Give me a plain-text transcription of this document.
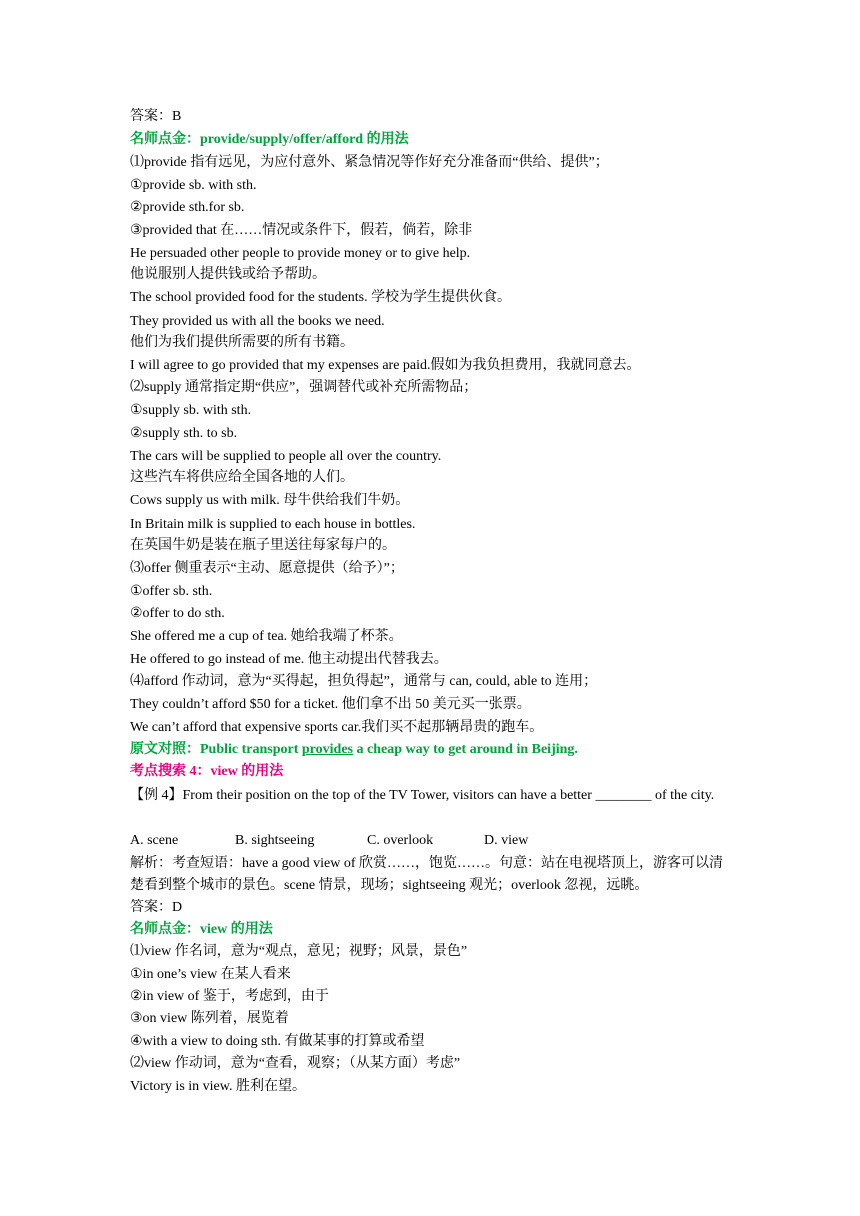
答案：B
名师点金：provide/supply/offer/afford 的用法
⑴provide 指有远见，为应付意外、紧急情况等作好充分准备而“供给、提供”；
①provide sb. with sth.
②provide sth.for sb.
③provided that 在……情况或条件下，假若，倘若，除非
He persuaded other people to provide money or to give help.
他说服别人提供钱或给予帮助。
The school provided food for the students. 学校为学生提供伙食。
They provided us with all the books we need.
他们为我们提供所需要的所有书籍。
I will agree to go provided that my expenses are paid.假如为我负担费用，我就同意去。
⑵supply 通常指定期“供应”，强调替代或补充所需物品；
①supply sb. with sth.
②supply sth. to sb.
The cars will be supplied to people all over the country.
这些汽车将供应给全国各地的人们。
Cows supply us with milk. 母牛供给我们牛奶。
In Britain milk is supplied to each house in bottles.
在英国牛奶是装在瓶子里送往每家每户的。
⑶offer 侧重表示“主动、愿意提供（给予）”；
①offer sb. sth.
②offer to do sth.
She offered me a cup of tea. 她给我端了杯茶。
He offered to go instead of me. 他主动提出代替我去。
⑷afford 作动词，意为“买得起，担负得起”，通常与 can, could, able to 连用；
They couldn’t afford $50 for a ticket. 他们拿不出 50 美元买一张票。
We can’t afford that expensive sports car.我们买不起那辆昂贵的跑车。
原文对照：Public transport provides a cheap way to get around in Beijing.
考点搜索 4：view 的用法
【例 4】From their position on the top of the TV Tower, visitors can have a better ________ of the city.
A. scene	B. sightseeing	C. overlook	D. view
解析：考查短语：have a good view of 欣赏……，饱览……。句意：站在电视塔顶上，游客可以清楚看到整个城市的景色。scene 情景，现场；sightseeing 观光；overlook 忽视，远眺。
答案：D
名师点金：view 的用法
⑴view 作名词，意为“观点，意见；视野；风景，景色”
①in one’s view 在某人看来
②in view of 鉴于，考虑到，由于
③on view 陈列着，展览着
④with a view to doing sth. 有做某事的打算或希望
⑵view 作动词，意为“查看，观察；（从某方面）考虑”
Victory is in view. 胜利在望。
